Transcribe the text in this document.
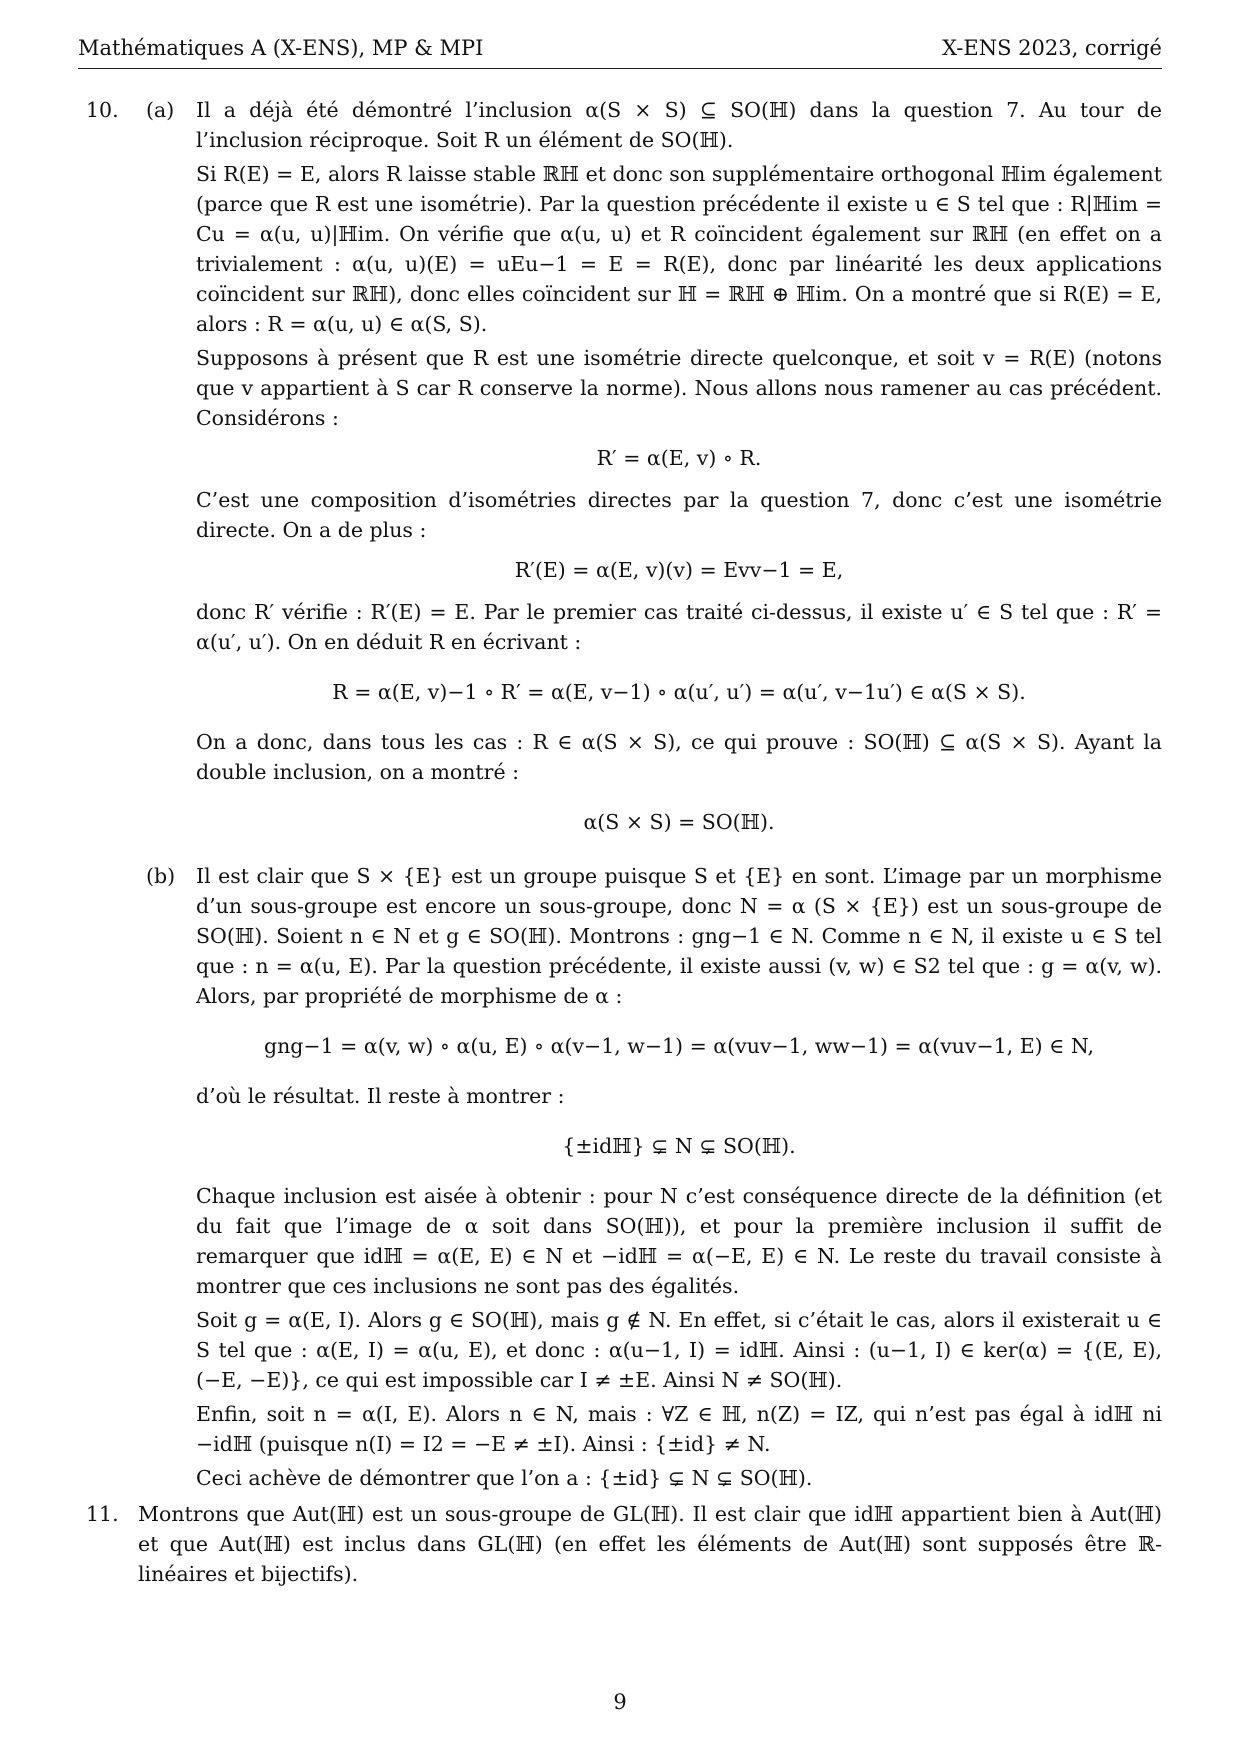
Mathématiques A (X-ENS), MP & MPI	X-ENS 2023, corrigé
10. (a) Il a déjà été démontré l’inclusion α(S × S) ⊆ SO(ℍ) dans la question 7. Au tour de l’inclusion réciproque. Soit R un élément de SO(ℍ).

Si R(E) = E, alors R laisse stable ℝℍ et donc son supplémentaire orthogonal ℍim également (parce que R est une isométrie). Par la question précédente il existe u ∈ S tel que : R|ℍim = Cu = α(u, u)|ℍim. On vérifie que α(u, u) et R coïncident également sur ℝℍ (en effet on a trivialement : α(u, u)(E) = uEu−1 = E = R(E), donc par linéarité les deux applications coïncident sur ℝℍ), donc elles coïncident sur ℍ = ℝℍ ⊕ ℍim. On a montré que si R(E) = E, alors : R = α(u, u) ∈ α(S, S).

Supposons à présent que R est une isométrie directe quelconque, et soit v = R(E) (notons que v appartient à S car R conserve la norme). Nous allons nous ramener au cas précédent. Considérons :

R′ = α(E, v) ∘ R.

C’est une composition d’isométries directes par la question 7, donc c’est une isométrie directe. On a de plus :

R′(E) = α(E, v)(v) = Evv−1 = E,

donc R′ vérifie : R′(E) = E. Par le premier cas traité ci-dessus, il existe u′ ∈ S tel que : R′ = α(u′, u′). On en déduit R en écrivant :

R = α(E, v)−1 ∘ R′ = α(E, v−1) ∘ α(u′, u′) = α(u′, v−1u′) ∈ α(S × S).

On a donc, dans tous les cas : R ∈ α(S × S), ce qui prouve : SO(ℍ) ⊆ α(S × S). Ayant la double inclusion, on a montré :

α(S × S) = SO(ℍ).
(b) Il est clair que S × {E} est un groupe puisque S et {E} en sont. L’image par un morphisme d’un sous-groupe est encore un sous-groupe, donc N = α (S × {E}) est un sous-groupe de SO(ℍ). Soient n ∈ N et g ∈ SO(ℍ). Montrons : gng−1 ∈ N. Comme n ∈ N, il existe u ∈ S tel que : n = α(u, E). Par la question précédente, il existe aussi (v, w) ∈ S2 tel que : g = α(v, w). Alors, par propriété de morphisme de α :

gng−1 = α(v, w) ∘ α(u, E) ∘ α(v−1, w−1) = α(vuv−1, ww−1) = α(vuv−1, E) ∈ N,

d’où le résultat. Il reste à montrer :

{±idℍ} ⊊ N ⊊ SO(ℍ).

Chaque inclusion est aisée à obtenir : pour N c’est conséquence directe de la définition (et du fait que l’image de α soit dans SO(ℍ)), et pour la première inclusion il suffit de remarquer que idℍ = α(E, E) ∈ N et −idℍ = α(−E, E) ∈ N. Le reste du travail consiste à montrer que ces inclusions ne sont pas des égalités.

Soit g = α(E, I). Alors g ∈ SO(ℍ), mais g ∉ N. En effet, si c’était le cas, alors il existerait u ∈ S tel que : α(E, I) = α(u, E), et donc : α(u−1, I) = idℍ. Ainsi : (u−1, I) ∈ ker(α) = {(E, E), (−E, −E)}, ce qui est impossible car I ≠ ±E. Ainsi N ≠ SO(ℍ).

Enfin, soit n = α(I, E). Alors n ∈ N, mais : ∀Z ∈ ℍ, n(Z) = IZ, qui n’est pas égal à idℍ ni −idℍ (puisque n(I) = I2 = −E ≠ ±I). Ainsi : {±id} ≠ N.

Ceci achève de démontrer que l’on a : {±id} ⊊ N ⊊ SO(ℍ).

11. Montrons que Aut(ℍ) est un sous-groupe de GL(ℍ). Il est clair que idℍ appartient bien à Aut(ℍ) et que Aut(ℍ) est inclus dans GL(ℍ) (en effet les éléments de Aut(ℍ) sont supposés être ℝ-linéaires et bijectifs).

9
